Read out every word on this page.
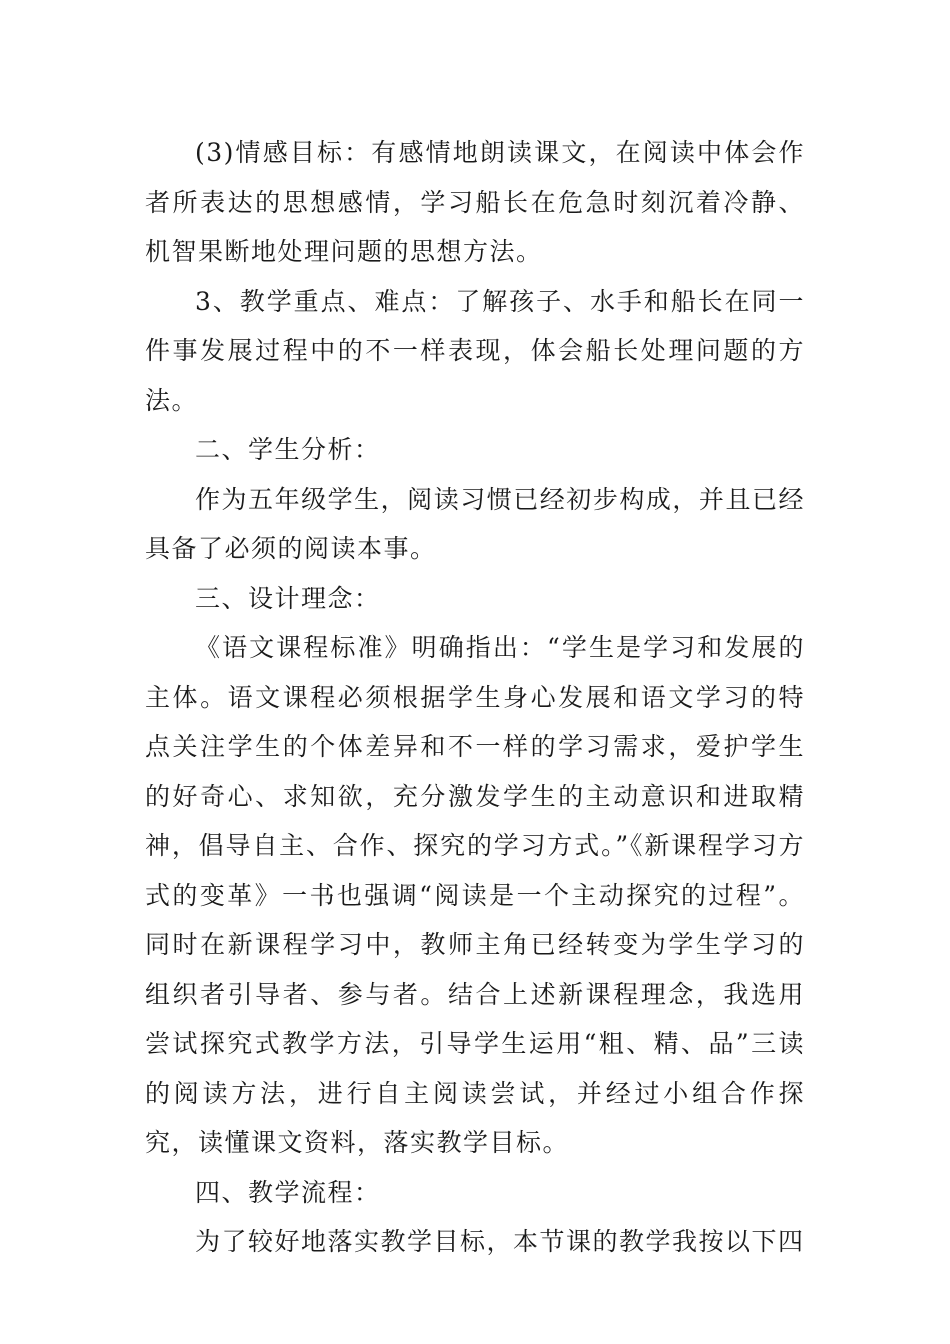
(3)情感目标：有感情地朗读课文，在阅读中体会作者所表达的思想感情，学习船长在危急时刻沉着冷静、机智果断地处理问题的思想方法。

3、教学重点、难点：了解孩子、水手和船长在同一件事发展过程中的不一样表现，体会船长处理问题的方法。

二、学生分析：

作为五年级学生，阅读习惯已经初步构成，并且已经具备了必须的阅读本事。

三、设计理念：

《语文课程标准》明确指出：“学生是学习和发展的主体。语文课程必须根据学生身心发展和语文学习的特点关注学生的个体差异和不一样的学习需求，爱护学生的好奇心、求知欲，充分激发学生的主动意识和进取精神，倡导自主、合作、探究的学习方式。”《新课程学习方式的变革》一书也强调“阅读是一个主动探究的过程”。同时在新课程学习中，教师主角已经转变为学生学习的组织者引导者、参与者。结合上述新课程理念，我选用尝试探究式教学方法，引导学生运用“粗、精、品”三读的阅读方法，进行自主阅读尝试，并经过小组合作探究，读懂课文资料，落实教学目标。

四、教学流程：

为了较好地落实教学目标，本节课的教学我按以下四
